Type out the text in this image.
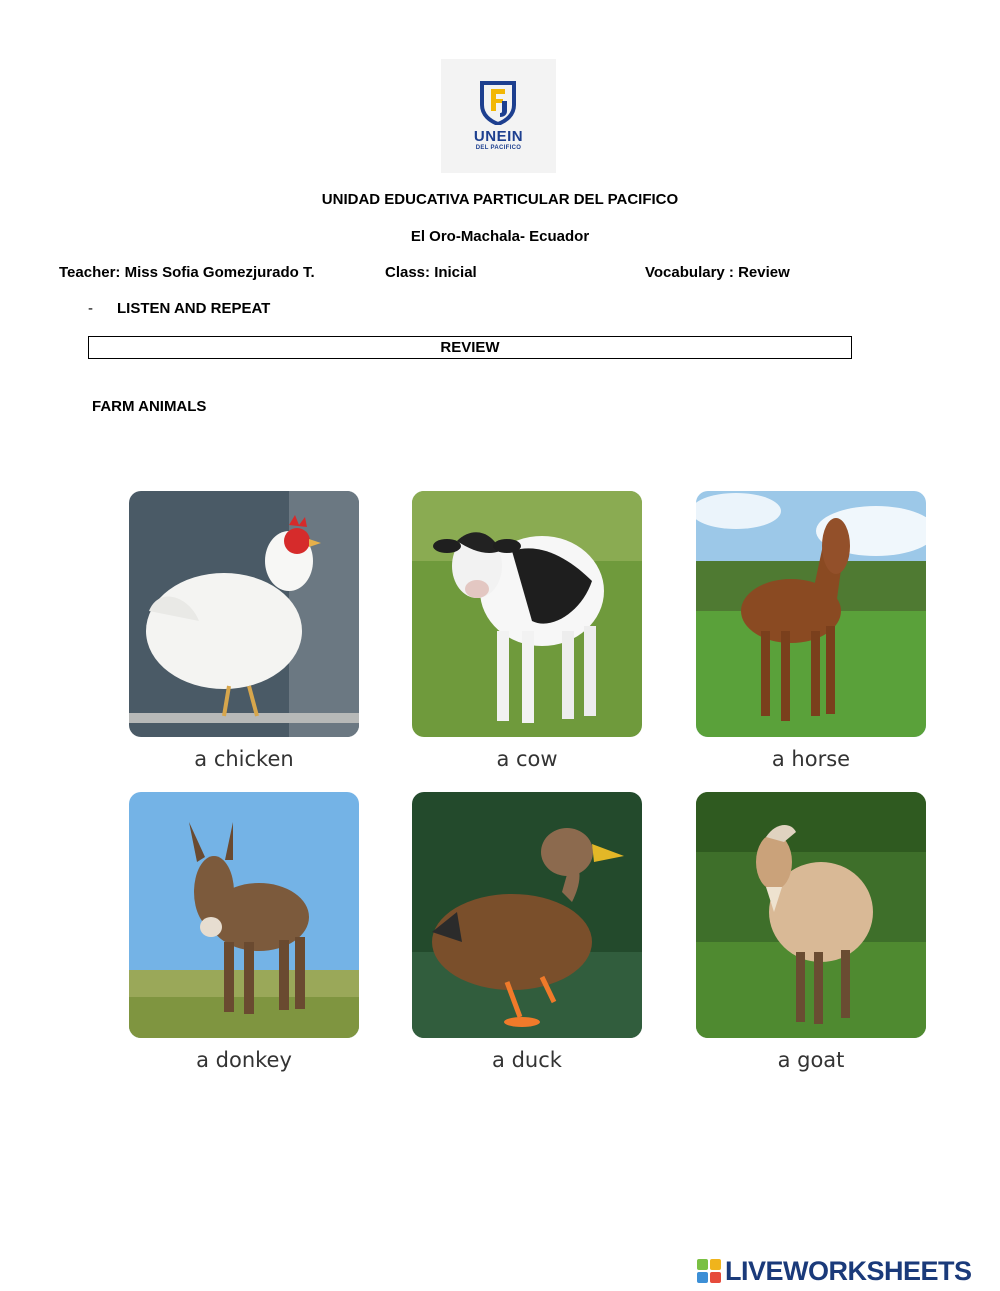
UNEIN
DEL PACIFICO
UNIDAD EDUCATIVA PARTICULAR DEL PACIFICO
El Oro-Machala- Ecuador
Teacher: Miss Sofia Gomezjurado T.	Class: Inicial	Vocabulary : Review
- LISTEN AND REPEAT
REVIEW
FARM ANIMALS
a chicken	a cow	a horse
a donkey	a duck	a goat
LIVEWORKSHEETS
